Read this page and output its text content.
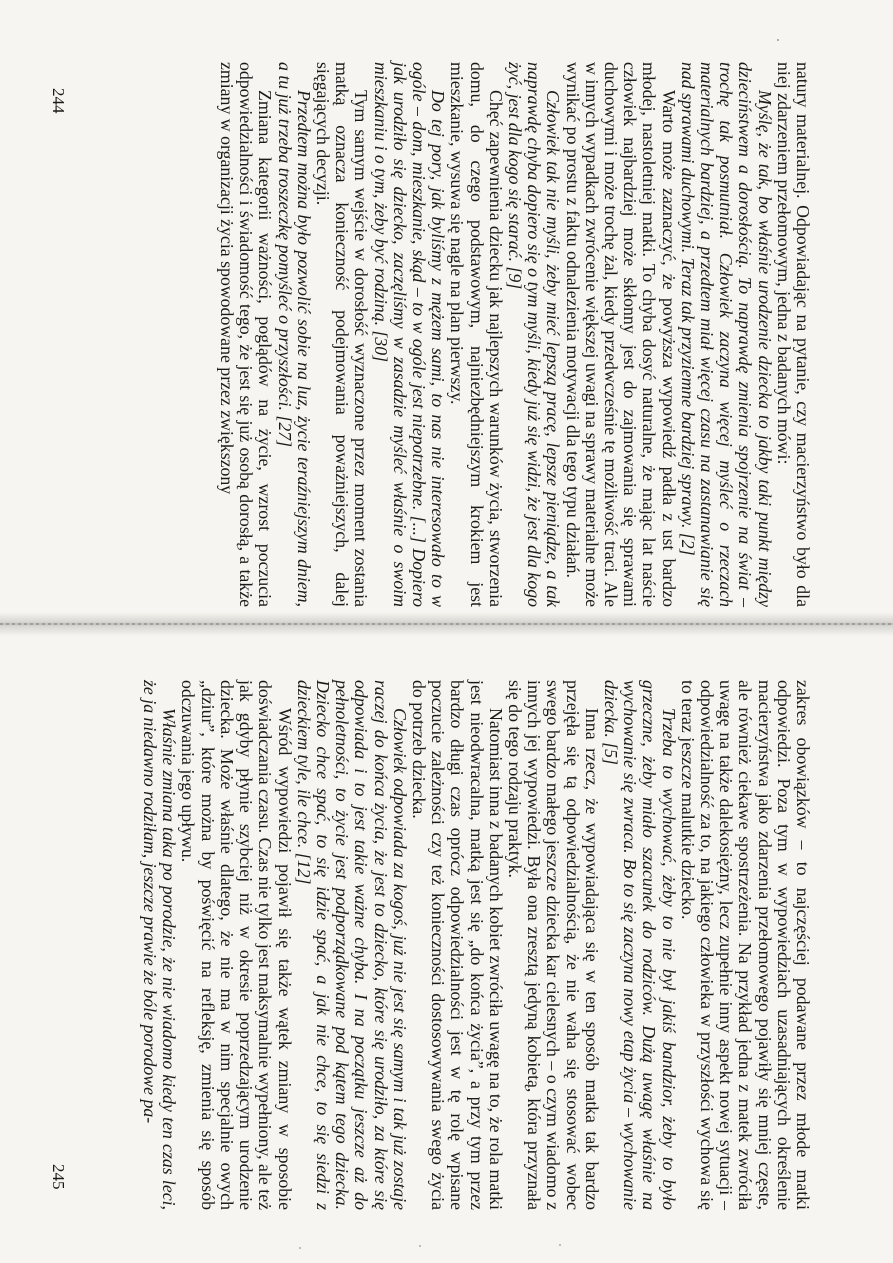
244
245

natury materialnej. Odpowiadając na pytanie, czy macierzyństwo było dla niej zdarzeniem przełomowym, jedna z badanych mówi:

Myślę, że tak, bo właśnie urodzenie dziecka to jakby taki punkt między dzieciństwem a dorosłością. To naprawdę zmienia spojrzenie na świat – trochę tak posmutniał. Człowiek zaczyna więcej myśleć o rzeczach materialnych bardziej, a przedtem miał więcej czasu na zastanawianie się nad sprawami duchowymi. Teraz tak przyziemne bardziej sprawy. [2]

Warto może zaznaczyć, że powyższa wypowiedź padła z ust bardzo młodej, nastoletniej matki. To chyba dosyć naturalne, że mając lat naście człowiek najbardziej może skłonny jest do zajmowania się sprawami duchowymi i może trochę żal, kiedy przedwcześnie tę możliwość traci. Ale w innych wypadkach zwrócenie większej uwagi na sprawy materialne może wynikać po prostu z faktu odnalezienia motywacji dla tego typu działań.

Człowiek tak nie myśli, żeby mieć lepszą pracę, lepsze pieniądze, a tak naprawdę chyba dopiero się o tym myśli, kiedy już się widzi, że jest dla kogo żyć, jest dla kogo się starać. [9]

Chęć zapewnienia dziecku jak najlepszych warunków życia, stworzenia domu, do czego podstawowym, najniezbędniejszym krokiem jest mieszkanie, wysuwa się nagle na plan pierwszy.

Do tej pory, jak byliśmy z mężem sami, to nas nie interesowało to w ogóle – dom, mieszkanie, skąd – to w ogóle jest niepotrzebne. [...] Dopiero jak urodziło się dziecko, zaczęliśmy w zasadzie myśleć właśnie o swoim mieszkaniu i o tym, żeby być rodziną. [30]

Tym samym wejście w dorosłość wyznaczone przez moment zostania matką oznacza konieczność podejmowania poważniejszych, dalej sięgających decyzji.

Przedtem można było pozwolić sobie na luz, życie teraźniejszym dniem, a tu już trzeba troszeczkę pomyśleć o przyszłości. [27]

Zmiana kategorii ważności, poglądów na życie, wzrost poczucia odpowiedzialności i świadomość tego, że jest się już osobą dorosłą, a także zmiany w organizacji życia spowodowane przez zwiększony

zakres obowiązków – to najczęściej podawane przez młode matki odpowiedzi. Poza tym w wypowiedziach uzasadniających określenie macierzyństwa jako zdarzenia przełomowego pojawiły się mniej częste, ale również ciekawe spostrzeżenia. Na przykład jedna z matek zwróciła uwagę na także dalekosiężny, lecz zupełnie inny aspekt nowej sytuacji – odpowiedzialność za to, na jakiego człowieka w przyszłości wychowa się to teraz jeszcze malutkie dziecko.

Trzeba to wychować, żeby to nie był jakiś bandzior, żeby to było grzeczne, żeby miało szacunek do rodziców. Dużą uwagę właśnie na wychowanie się zwraca. Bo to się zaczyna nowy etap życia – wychowanie dziecka. [5]

Inna rzecz, że wypowiadająca się w ten sposób matka tak bardzo przejęła się tą odpowiedzialnością, że nie waha się stosować wobec swego bardzo małego jeszcze dziecka kar cielesnych – o czym wiadomo z innych jej wypowiedzi. Była ona zresztą jedyną kobietą, która przyznała się do tego rodzaju praktyk.

Natomiast inna z badanych kobiet zwróciła uwagę na to, że rola matki jest nieodwracalna, matką jest się „do końca życia”, a przy tym przez bardzo długi czas oprócz odpowiedzialności jest w tę rolę wpisane poczucie zależności czy też konieczności dostosowywania swego życia do potrzeb dziecka.

Człowiek odpowiada za kogoś, już nie jest się samym i tak już zostaje raczej do końca życia, że jest to dziecko, które się urodziło, za które się odpowiada i to jest takie ważne chyba. I na początku jeszcze aż do pełnoletności, to życie jest podporządkowane pod kątem tego dziecka. Dziecko chce spać, to się idzie spać, a jak nie chce, to się siedzi z dzieckiem tyle, ile chce. [12]

Wśród wypowiedzi pojawił się także wątek zmiany w sposobie doświadczania czasu. Czas nie tylko jest maksymalnie wypełniony, ale też jak gdyby płynie szybciej niż w okresie poprzedzającym urodzenie dziecka. Może właśnie dlatego, że nie ma w nim specjalnie owych „dziur”, które można by poświęcić na refleksję, zmienia się sposób odczuwania jego upływu.

Właśnie zmiana taka po porodzie, że nie wiadomo kiedy ten czas leci, że ja niedawno rodziłam, jeszcze prawie że bóle porodowe pa-
